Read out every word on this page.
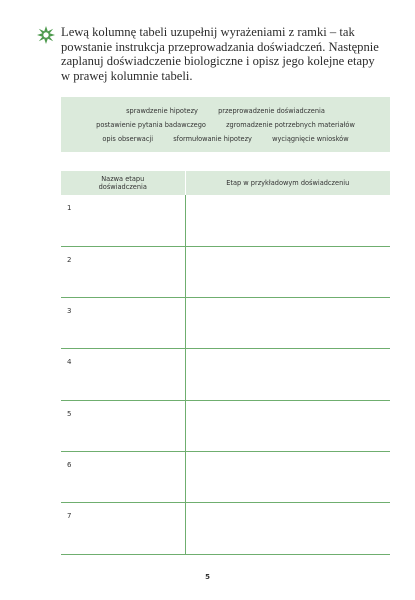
Lewą kolumnę tabeli uzupełnij wyrażeniami z ramki – tak powstanie instrukcja przeprowadzania doświadczeń. Następnie zaplanuj doświadczenie biologiczne i opisz jego kolejne etapy w prawej kolumnie tabeli.

sprawdzenie hipotezy	przeprowadzenie doświadczenia
postawienie pytania badawczego	zgromadzenie potrzebnych materiałów
opis obserwacji	sformułowanie hipotezy	wyciągnięcie wniosków
Nazwa etapu doświadczenia	Etap w przykładowym doświadczeniu
1	
2	
3	
4	
5	
6	
7	
5
